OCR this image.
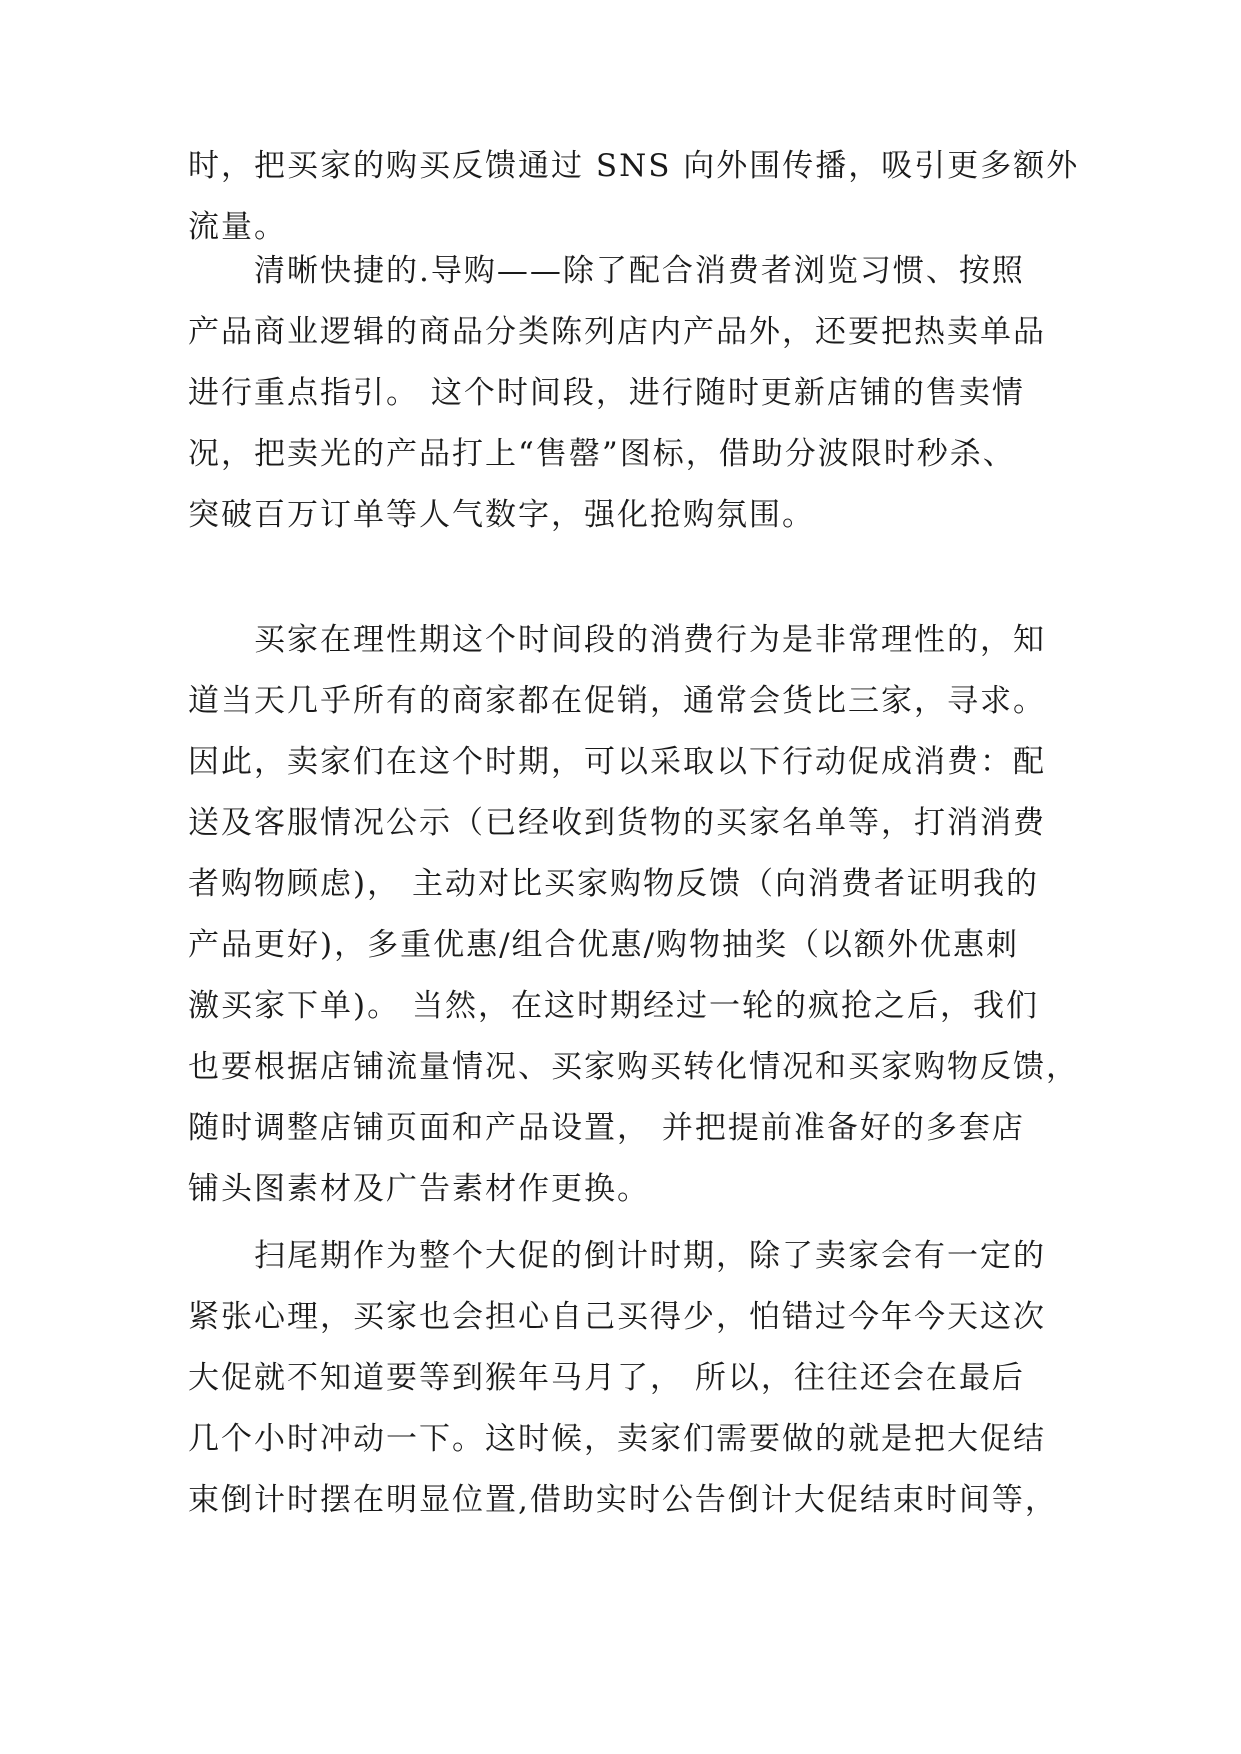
时，把买家的购买反馈通过 SNS 向外围传播，吸引更多额外
流量。
　　清晰快捷的.导购——除了配合消费者浏览习惯、按照
产品商业逻辑的商品分类陈列店内产品外，还要把热卖单品
进行重点指引。 这个时间段，进行随时更新店铺的售卖情
况，把卖光的产品打上“售罄”图标，借助分波限时秒杀、
突破百万订单等人气数字，强化抢购氛围。
　　买家在理性期这个时间段的消费行为是非常理性的，知
道当天几乎所有的商家都在促销，通常会货比三家，寻求。
因此，卖家们在这个时期，可以采取以下行动促成消费：配
送及客服情况公示（已经收到货物的买家名单等，打消消费
者购物顾虑)， 主动对比买家购物反馈（向消费者证明我的
产品更好)，多重优惠/组合优惠/购物抽奖（以额外优惠刺
激买家下单)。 当然，在这时期经过一轮的疯抢之后，我们
也要根据店铺流量情况、买家购买转化情况和买家购物反馈，
随时调整店铺页面和产品设置， 并把提前准备好的多套店
铺头图素材及广告素材作更换。
　　扫尾期作为整个大促的倒计时期，除了卖家会有一定的
紧张心理，买家也会担心自己买得少，怕错过今年今天这次
大促就不知道要等到猴年马月了， 所以，往往还会在最后
几个小时冲动一下。这时候，卖家们需要做的就是把大促结
束倒计时摆在明显位置,借助实时公告倒计大促结束时间等，
